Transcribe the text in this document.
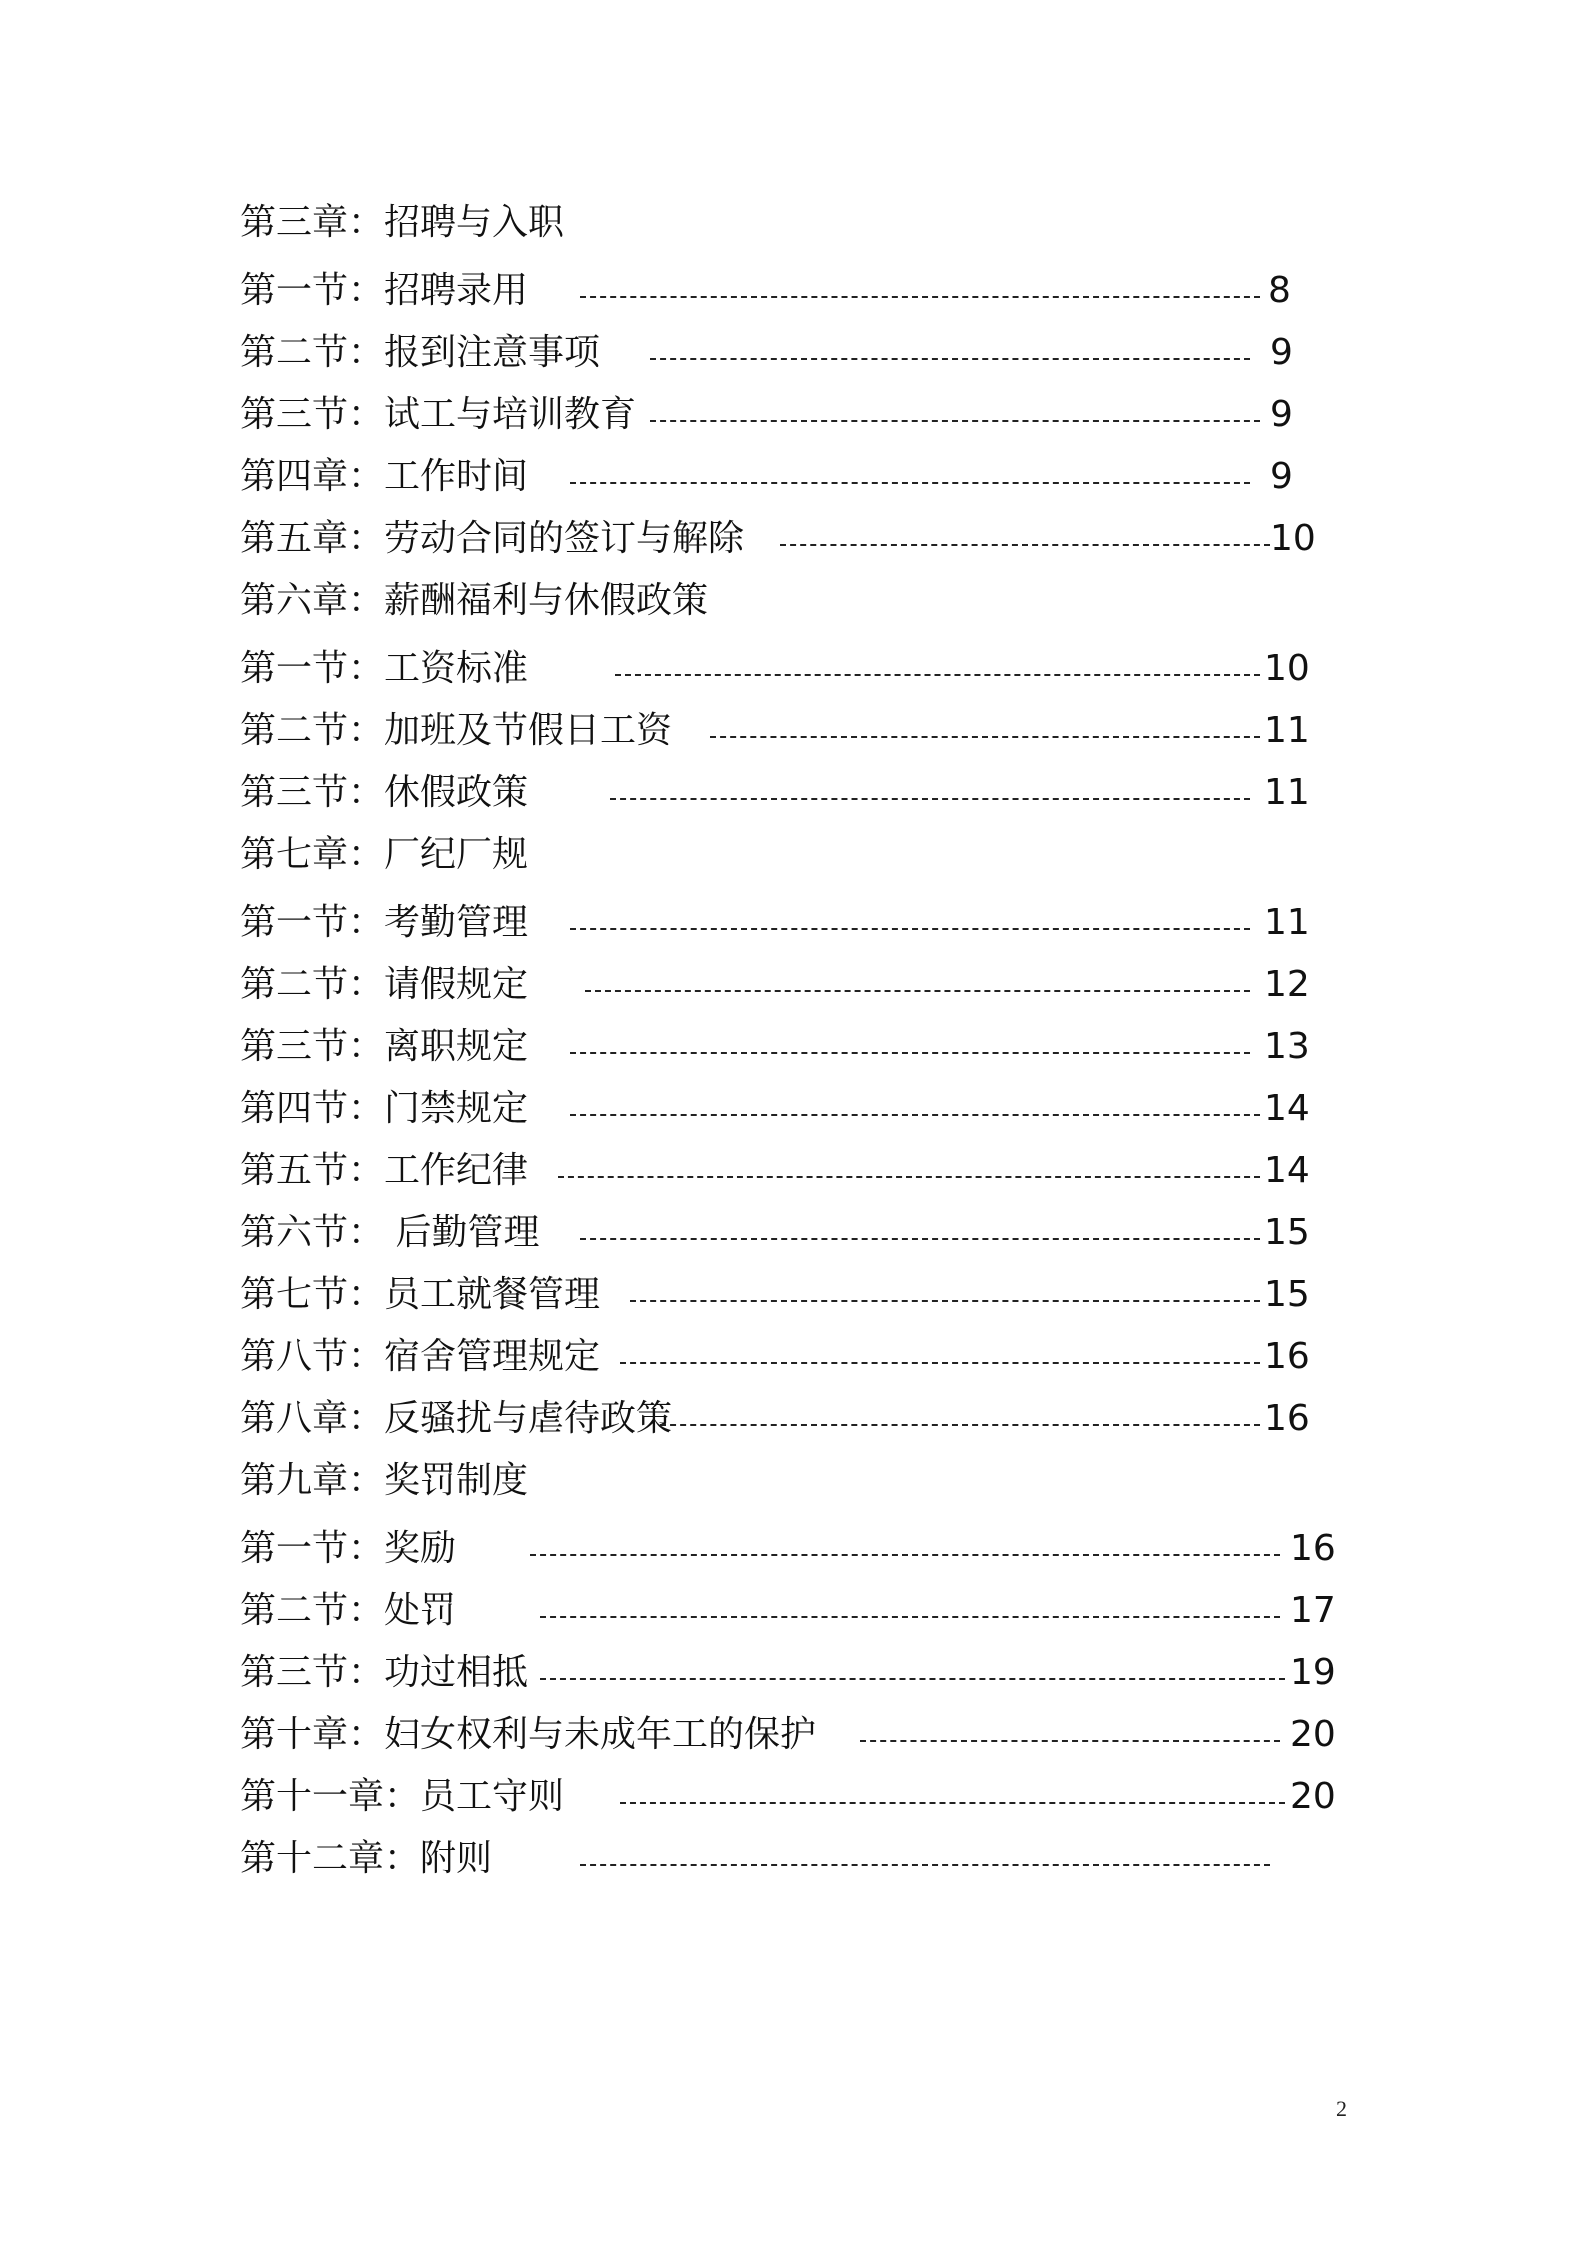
第三章：招聘与入职
第一节：招聘录用	8
第二节：报到注意事项	9
第三节：试工与培训教育	9
第四章：工作时间	9
第五章：劳动合同的签订与解除	10
第六章：薪酬福利与休假政策
第一节：工资标准	10
第二节：加班及节假日工资	11
第三节：休假政策	11
第七章：厂纪厂规
第一节：考勤管理	11
第二节：请假规定	12
第三节：离职规定	13
第四节：门禁规定	14
第五节：工作纪律	14
第六节： 后勤管理	15
第七节：员工就餐管理	15
第八节：宿舍管理规定	16
第八章：反骚扰与虐待政策	16
第九章：奖罚制度
第一节：奖励	16
第二节：处罚	17
第三节：功过相抵	19
第十章：妇女权利与未成年工的保护	20
第十一章：员工守则	20
第十二章：附则
2
